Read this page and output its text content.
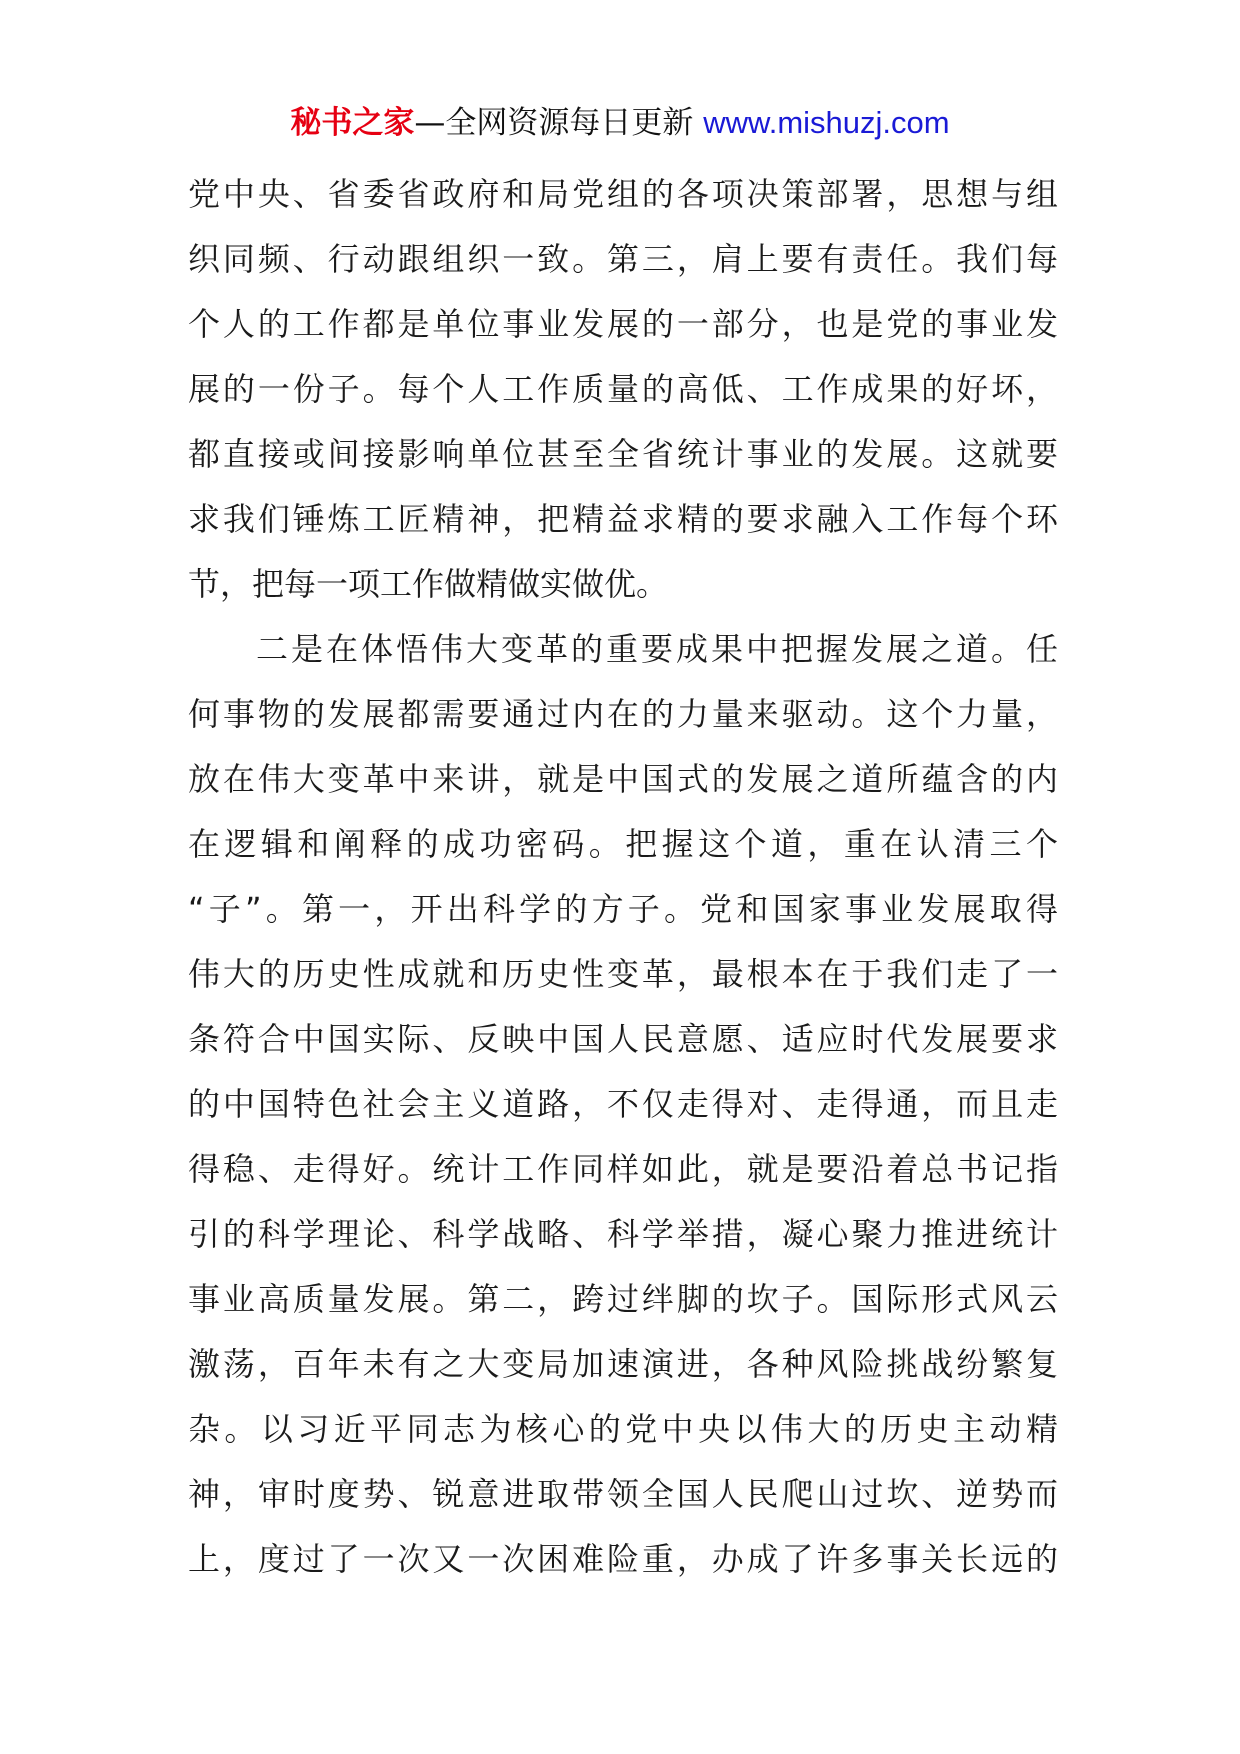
秘书之家—全网资源每日更新 www.mishuzj.com
党中央、省委省政府和局党组的各项决策部署，思想与组
织同频、行动跟组织一致。第三，肩上要有责任。我们每
个人的工作都是单位事业发展的一部分，也是党的事业发
展的一份子。每个人工作质量的高低、工作成果的好坏，
都直接或间接影响单位甚至全省统计事业的发展。这就要
求我们锤炼工匠精神，把精益求精的要求融入工作每个环
节，把每一项工作做精做实做优。
二是在体悟伟大变革的重要成果中把握发展之道。任
何事物的发展都需要通过内在的力量来驱动。这个力量，
放在伟大变革中来讲，就是中国式的发展之道所蕴含的内
在逻辑和阐释的成功密码。把握这个道，重在认清三个
“子”。第一，开出科学的方子。党和国家事业发展取得
伟大的历史性成就和历史性变革，最根本在于我们走了一
条符合中国实际、反映中国人民意愿、适应时代发展要求
的中国特色社会主义道路，不仅走得对、走得通，而且走
得稳、走得好。统计工作同样如此，就是要沿着总书记指
引的科学理论、科学战略、科学举措，凝心聚力推进统计
事业高质量发展。第二，跨过绊脚的坎子。国际形式风云
激荡，百年未有之大变局加速演进，各种风险挑战纷繁复
杂。以习近平同志为核心的党中央以伟大的历史主动精
神，审时度势、锐意进取带领全国人民爬山过坎、逆势而
上，度过了一次又一次困难险重，办成了许多事关长远的
